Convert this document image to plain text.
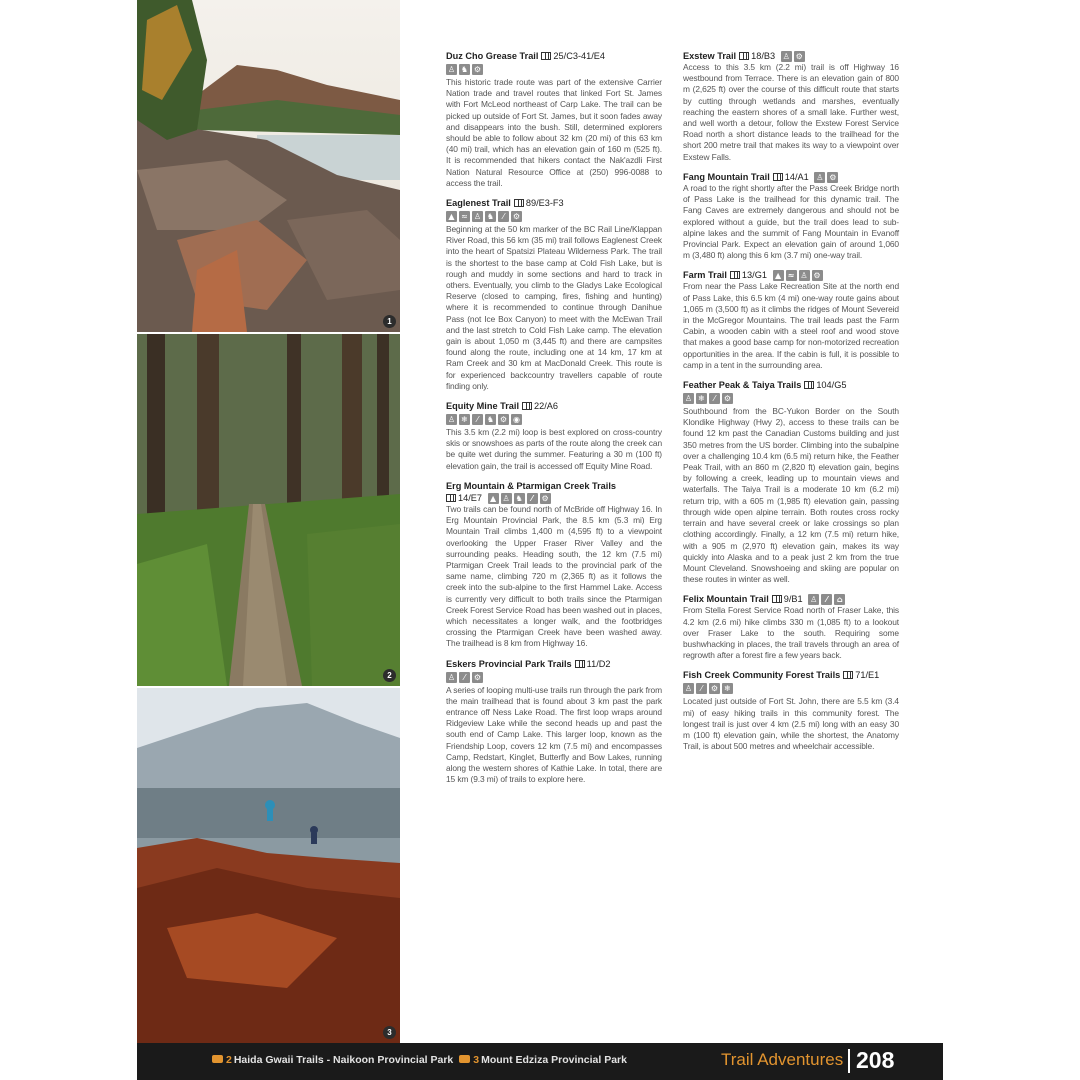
1
2
3
Duz Cho Grease Trail 25/C3-41/E4
♙ ♞ ⚙

This historic trade route was part of the extensive Carrier Nation trade and travel routes that linked Fort St. James with Fort McLeod northeast of Carp Lake. The trail can be picked up outside of Fort St. James, but it soon fades away and disappears into the bush. Still, determined explorers should be able to follow about 32 km (20 mi) of this 63 km (40 mi) trail, which has an elevation gain of 160 m (525 ft). It is recommended that hikers contact the Nak'azdli First Nation Natural Resource Office at (250) 996-0088 to access the trail.

Eaglenest Trail 89/E3-F3
▲ ≈ ♙ ♞	⁄	⚙

Beginning at the 50 km marker of the BC Rail Line/Klappan River Road, this 56 km (35 mi) trail follows Eaglenest Creek into the heart of Spatsizi Plateau Wilderness Park. The trail is the shortest to the base camp at Cold Fish Lake, but is rough and muddy in some sections and hard to track in others. Eventually, you climb to the Gladys Lake Ecological Reserve (closed to camping, fires, fishing and hunting) where it is recommended to continue through Danihue Pass (not Ice Box Canyon) to meet with the McEwan Trail and the last stretch to Cold Fish Lake camp. The elevation gain is about 1,050 m (3,445 ft) and there are campsites found along the route, including one at 14 km, 17 km at Ram Creek and 30 km at MacDonald Creek. This route is for experienced backcountry travellers capable of route finding only.

Equity Mine Trail 22/A6
♙ ❄	⁄	♞ ⚙ ◉

This 3.5 km (2.2 mi) loop is best explored on cross-country skis or snowshoes as parts of the route along the creek can be quite wet during the summer. Featuring a 30 m (100 ft) elevation gain, the trail is accessed off Equity Mine Road.

Erg Mountain & Ptarmigan Creek Trails
14/E7 ▲ ♙ ♞	⁄	⚙

Two trails can be found north of McBride off Highway 16. In Erg Mountain Provincial Park, the 8.5 km (5.3 mi) Erg Mountain Trail climbs 1,400 m (4,595 ft) to a viewpoint overlooking the Upper Fraser River Valley and the surrounding peaks. Heading south, the 12 km (7.5 mi) Ptarmigan Creek Trail leads to the provincial park of the same name, climbing 720 m (2,365 ft) as it follows the creek into the sub-alpine to the first Hammel Lake. Access is currently very difficult to both trails since the Ptarmigan Creek Forest Service Road has been washed out in places, which necessitates a longer walk, and the footbridges crossing the Ptarmigan Creek have been washed away. The trailhead is 8 km from Highway 16.

Eskers Provincial Park Trails 11/D2
♙	⁄	⚙

A series of looping multi-use trails run through the park from the main trailhead that is found about 3 km past the park entrance off Ness Lake Road. The first loop wraps around Ridgeview Lake while the second heads up and past the south end of Camp Lake. This larger loop, known as the Friendship Loop, covers 12 km (7.5 mi) and encompasses Camp, Redstart, Kinglet, Butterfly and Bow Lakes, running along the western shores of Kathie Lake. In total, there are 15 km (9.3 mi) of trails to explore here.

Exstew Trail 18/B3 ♙ ⚙

Access to this 3.5 km (2.2 mi) trail is off Highway 16 westbound from Terrace. There is an elevation gain of 800 m (2,625 ft) over the course of this difficult route that starts by cutting through wetlands and marshes, eventually reaching the eastern shores of a small lake. Further west, and well worth a detour, follow the Exstew Forest Service Road north a short distance leads to the trailhead for the short 200 metre trail that makes its way to a viewpoint over Exstew Falls.

Fang Mountain Trail 14/A1 ♙ ⚙

A road to the right shortly after the Pass Creek Bridge north of Pass Lake is the trailhead for this dynamic trail. The Fang Caves are extremely dangerous and should not be explored without a guide, but the trail does lead to sub-alpine lakes and the summit of Fang Mountain in Evanoff Provincial Park. Expect an elevation gain of around 1,060 m (3,480 ft) along this 6 km (3.7 mi) one-way trail.

Farm Trail 13/G1 ▲ ≈ ♙ ⚙

From near the Pass Lake Recreation Site at the north end of Pass Lake, this 6.5 km (4 mi) one-way route gains about 1,065 m (3,500 ft) as it climbs the ridges of Mount Severeid in the McGregor Mountains. The trail leads past the Farm Cabin, a wooden cabin with a steel roof and wood stove that makes a good base camp for non-motorized recreation opportunities in the area. If the cabin is full, it is possible to camp in a tent in the surrounding area.

Feather Peak & Taiya Trails 104/G5
♙ ❄	⁄	⚙

Southbound from the BC-Yukon Border on the South Klondike Highway (Hwy 2), access to these trails can be found 12 km past the Canadian Customs building and just 350 metres from the US border. Climbing into the subalpine over a challenging 10.4 km (6.5 mi) return hike, the Feather Peak Trail, with an 860 m (2,820 ft) elevation gain, begins by following a creek, leading up to mountain views and waterfalls. The Taiya Trail is a moderate 10 km (6.2 mi) return trip, with a 605 m (1,985 ft) elevation gain, passing through wide open alpine terrain. Both routes cross rocky terrain and have several creek or lake crossings so plan clothing accordingly. Finally, a 12 km (7.5 mi) return hike, with a 905 m (2,970 ft) elevation gain, makes its way quickly into Alaska and to a peak just 2 km from the true Mount Cleveland. Snowshoeing and skiing are popular on these routes in winter as well.

Felix Mountain Trail 9/B1 ♙	⁄	⌂

From Stella Forest Service Road north of Fraser Lake, this 4.2 km (2.6 mi) hike climbs 330 m (1,085 ft) to a lookout over Fraser Lake to the south. Requiring some bushwhacking in places, the trail travels through an area of regrowth after a forest fire a few years back.

Fish Creek Community Forest Trails 71/E1
♙	⁄	⚙ ❄

Located just outside of Fort St. John, there are 5.5 km (3.4 mi) of easy hiking trails in this community forest. The longest trail is just over 4 km (2.5 mi) long with an easy 30 m (100 ft) elevation gain, while the shortest, the Anatomy Trail, is about 500 metres and wheelchair accessible.

2 Haida Gwaii Trails - Naikoon Provincial Park 3 Mount Edziza Provincial Park	Trail Adventures 208
